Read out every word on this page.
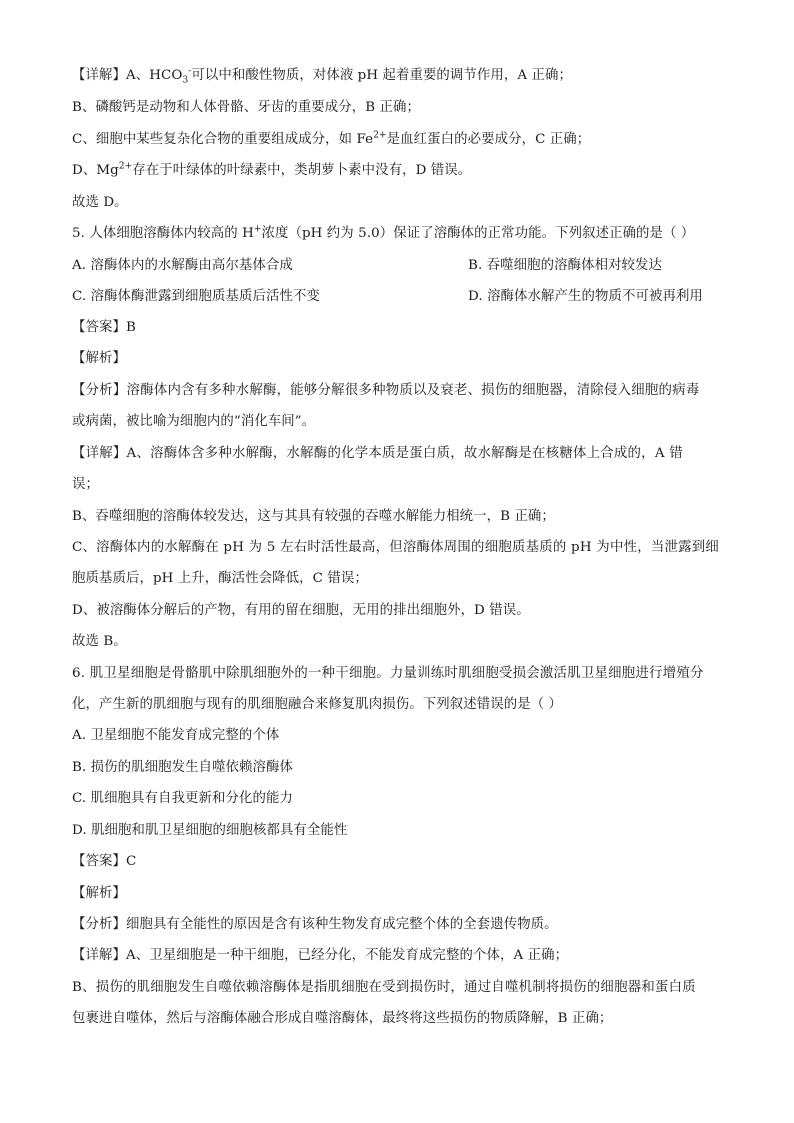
【详解】A、$HCO_3^-$可以中和酸性物质，对体液 pH 起着重要的调节作用，A 正确；
B、磷酸钙是动物和人体骨骼、牙齿的重要成分，B 正确；
C、细胞中某些复杂化合物的重要组成成分，如 $Fe^{2+}$是血红蛋白的必要成分，C 正确；
D、$Mg^{2+}$存在于叶绿体的叶绿素中，类胡萝卜素中没有，D 错误。
故选 D。
5. 人体细胞溶酶体内较高的 H+浓度（pH 约为 5.0）保证了溶酶体的正常功能。下列叙述正确的是（ ）
A. 溶酶体内的水解酶由高尔基体合成	B. 吞噬细胞的溶酶体相对较发达
C. 溶酶体酶泄露到细胞质基质后活性不变	D. 溶酶体水解产生的物质不可被再利用
【答案】B
【解析】
【分析】溶酶体内含有多种水解酶，能够分解很多种物质以及衰老、损伤的细胞器，清除侵入细胞的病毒
或病菌，被比喻为细胞内的“消化车间”。
【详解】A、溶酶体含多种水解酶，水解酶的化学本质是蛋白质，故水解酶是在核糖体上合成的，A 错
误；
B、吞噬细胞的溶酶体较发达，这与其具有较强的吞噬水解能力相统一，B 正确；
C、溶酶体内的水解酶在 pH 为 5 左右时活性最高，但溶酶体周围的细胞质基质的 pH 为中性，当泄露到细
胞质基质后，pH 上升，酶活性会降低，C 错误；
D、被溶酶体分解后的产物，有用的留在细胞，无用的排出细胞外，D 错误。
故选 B。
6. 肌卫星细胞是骨骼肌中除肌细胞外的一种干细胞。力量训练时肌细胞受损会激活肌卫星细胞进行增殖分
化，产生新的肌细胞与现有的肌细胞融合来修复肌肉损伤。下列叙述错误的是（ ）
A. 卫星细胞不能发育成完整的个体
B. 损伤的肌细胞发生自噬依赖溶酶体
C. 肌细胞具有自我更新和分化的能力
D. 肌细胞和肌卫星细胞的细胞核都具有全能性
【答案】C
【解析】
【分析】细胞具有全能性的原因是含有该种生物发育成完整个体的全套遗传物质。
【详解】A、卫星细胞是一种干细胞，已经分化，不能发育成完整的个体，A 正确；
B、损伤的肌细胞发生自噬依赖溶酶体是指肌细胞在受到损伤时，通过自噬机制将损伤的细胞器和蛋白质
包裹进自噬体，然后与溶酶体融合形成自噬溶酶体，最终将这些损伤的物质降解，B 正确；
